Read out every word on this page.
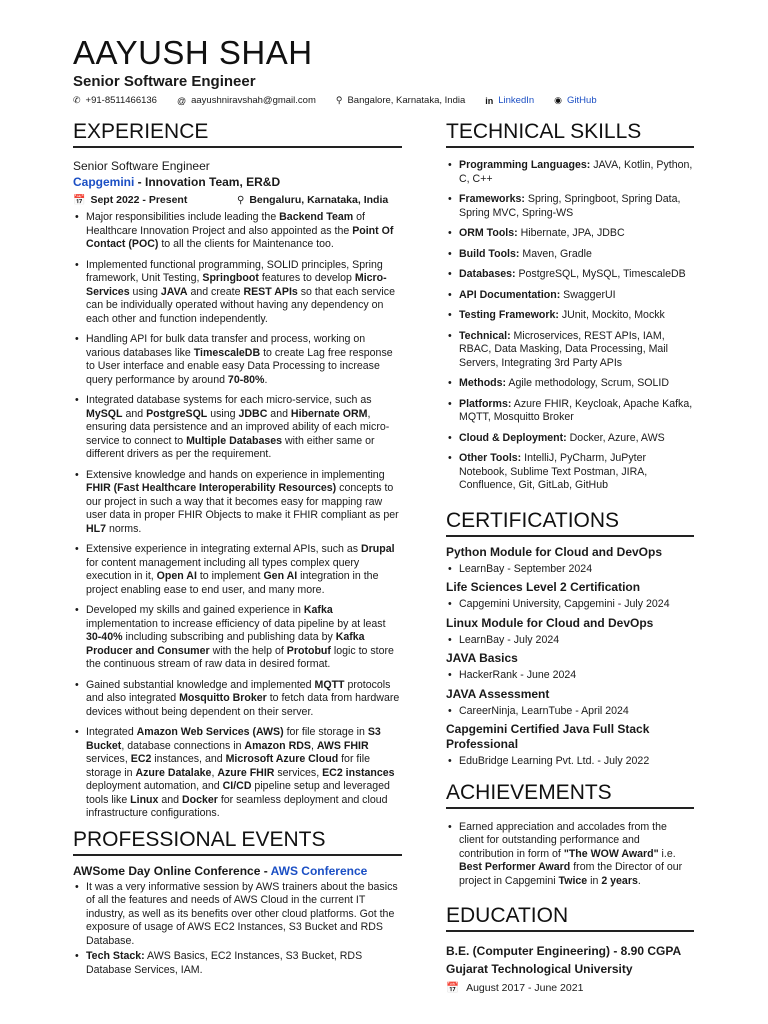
AAYUSH SHAH
Senior Software Engineer
✆ +91-8511466136 @ aayushniravshah@gmail.com ⚲ Bangalore, Karnataka, India in LinkedIn ◉ GitHub
EXPERIENCE
Senior Software Engineer
Capgemini - Innovation Team, ER&D
📅 Sept 2022 - Present	⚲ Bengaluru, Karnataka, India
• Major responsibilities include leading the Backend Team of Healthcare Innovation Project and also appointed as the Point Of Contact (POC) to all the clients for Maintenance too.
• Implemented functional programming, SOLID principles, Spring framework, Unit Testing, Springboot features to develop Micro-Services using JAVA and create REST APIs so that each service can be individually operated without having any dependency on each other and function independently.
• Handling API for bulk data transfer and process, working on various databases like TimescaleDB to create Lag free response to User interface and enable easy Data Processing to increase query performance by around 70-80%.
• Integrated database systems for each micro-service, such as MySQL and PostgreSQL using JDBC and Hibernate ORM, ensuring data persistence and an improved ability of each micro-service to connect to Multiple Databases with either same or different drivers as per the requirement.
• Extensive knowledge and hands on experience in implementing FHIR (Fast Healthcare Interoperability Resources) concepts to our project in such a way that it becomes easy for mapping raw user data in proper FHIR Objects to make it FHIR compliant as per HL7 norms.
• Extensive experience in integrating external APIs, such as Drupal for content management including all types complex query execution in it, Open AI to implement Gen AI integration in the project enabling ease to end user, and many more.
• Developed my skills and gained experience in Kafka implementation to increase efficiency of data pipeline by at least 30-40% including subscribing and publishing data by Kafka Producer and Consumer with the help of Protobuf logic to store the continuous stream of raw data in desired format.
• Gained substantial knowledge and implemented MQTT protocols and also integrated Mosquitto Broker to fetch data from hardware devices without being dependent on their server.
• Integrated Amazon Web Services (AWS) for file storage in S3 Bucket, database connections in Amazon RDS, AWS FHIR services, EC2 instances, and Microsoft Azure Cloud for file storage in Azure Datalake, Azure FHIR services, EC2 instances deployment automation, and CI/CD pipeline setup and leveraged tools like Linux and Docker for seamless deployment and cloud infrastructure configurations.
PROFESSIONAL EVENTS
AWSome Day Online Conference - AWS Conference
• It was a very informative session by AWS trainers about the basics of all the features and needs of AWS Cloud in the current IT industry, as well as its benefits over other cloud platforms. Got the exposure of usage of AWS EC2 Instances, S3 Bucket and RDS Database.
• Tech Stack: AWS Basics, EC2 Instances, S3 Bucket, RDS Database Services, IAM.
TECHNICAL SKILLS
• Programming Languages: JAVA, Kotlin, Python, C, C++
• Frameworks: Spring, Springboot, Spring Data, Spring MVC, Spring-WS
• ORM Tools: Hibernate, JPA, JDBC
• Build Tools: Maven, Gradle
• Databases: PostgreSQL, MySQL, TimescaleDB
• API Documentation: SwaggerUI
• Testing Framework: JUnit, Mockito, Mockk
• Technical: Microservices, REST APIs, IAM, RBAC, Data Masking, Data Processing, Mail Servers, Integrating 3rd Party APIs
• Methods: Agile methodology, Scrum, SOLID
• Platforms: Azure FHIR, Keycloak, Apache Kafka, MQTT, Mosquitto Broker
• Cloud & Deployment: Docker, Azure, AWS
• Other Tools: IntelliJ, PyCharm, JuPyter Notebook, Sublime Text Postman, JIRA, Confluence, Git, GitLab, GitHub
CERTIFICATIONS
Python Module for Cloud and DevOps
• LearnBay - September 2024
Life Sciences Level 2 Certification
• Capgemini University, Capgemini - July 2024
Linux Module for Cloud and DevOps
• LearnBay - July 2024
JAVA Basics
• HackerRank - June 2024
JAVA Assessment
• CareerNinja, LearnTube - April 2024
Capgemini Certified Java Full Stack Professional
• EduBridge Learning Pvt. Ltd. - July 2022
ACHIEVEMENTS
• Earned appreciation and accolades from the client for outstanding performance and contribution in form of "The WOW Award" i.e. Best Performer Award from the Director of our project in Capgemini Twice in 2 years.
EDUCATION
B.E. (Computer Engineering) - 8.90 CGPA
Gujarat Technological University
📅 August 2017 - June 2021
